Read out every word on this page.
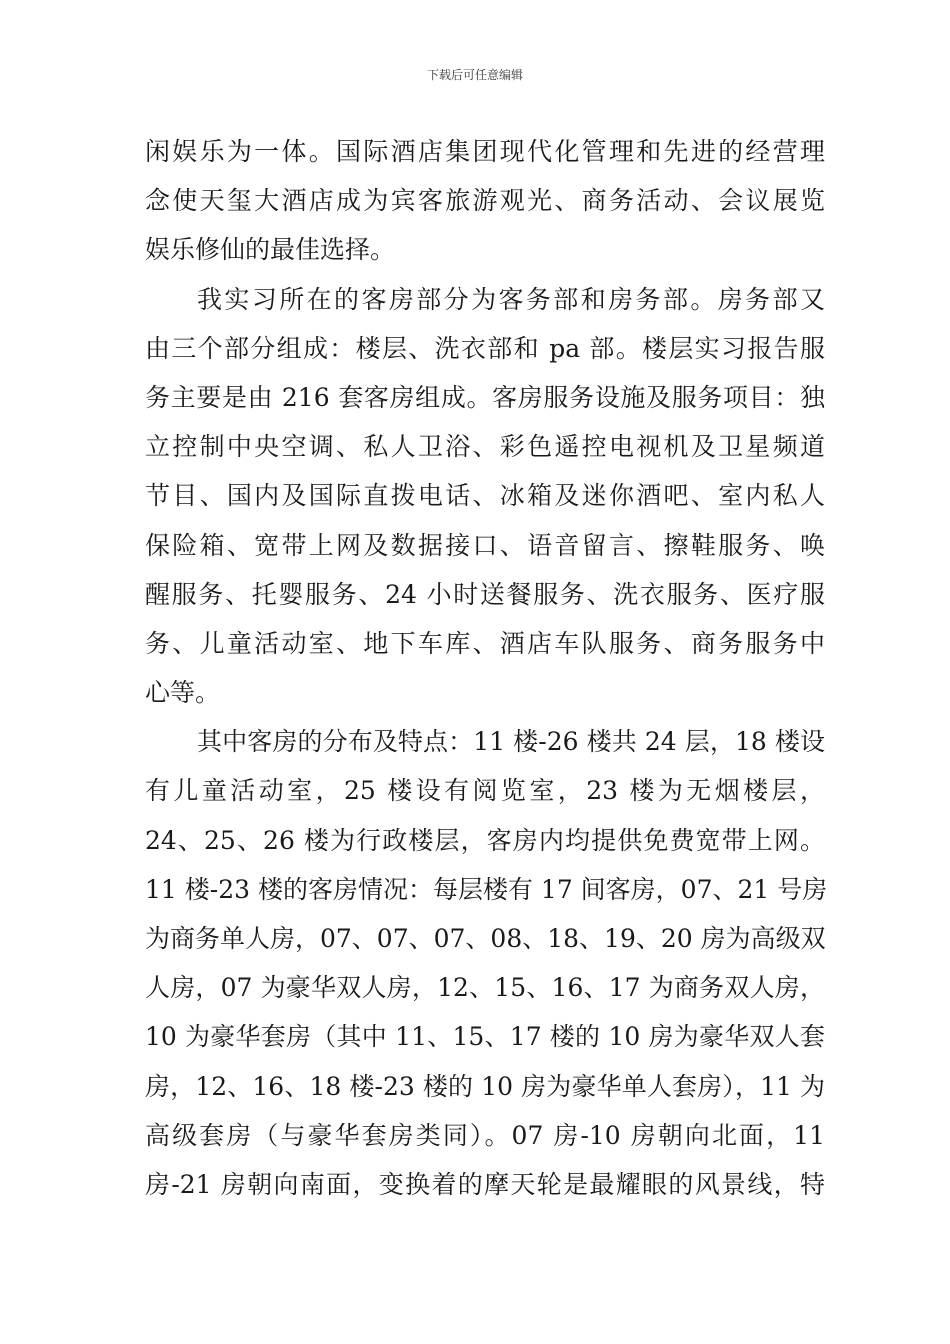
下载后可任意编辑
闲娱乐为一体。国际酒店集团现代化管理和先进的经营理
念使天玺大酒店成为宾客旅游观光、商务活动、会议展览
娱乐修仙的最佳选择。
我实习所在的客房部分为客务部和房务部。房务部又
由三个部分组成：楼层、洗衣部和 pa 部。楼层实习报告服
务主要是由 216 套客房组成。客房服务设施及服务项目：独
立控制中央空调、私人卫浴、彩色遥控电视机及卫星频道
节目、国内及国际直拨电话、冰箱及迷你酒吧、室内私人
保险箱、宽带上网及数据接口、语音留言、擦鞋服务、唤
醒服务、托婴服务、24 小时送餐服务、洗衣服务、医疗服
务、儿童活动室、地下车库、酒店车队服务、商务服务中
心等。
其中客房的分布及特点：11 楼-26 楼共 24 层，18 楼设
有儿童活动室，25 楼设有阅览室，23 楼为无烟楼层，
24、25、26 楼为行政楼层，客房内均提供免费宽带上网。
11 楼-23 楼的客房情况：每层楼有 17 间客房，07、21 号房
为商务单人房，07、07、07、08、18、19、20 房为高级双
人房，07 为豪华双人房，12、15、16、17 为商务双人房，
10 为豪华套房（其中 11、15、17 楼的 10 房为豪华双人套
房，12、16、18 楼-23 楼的 10 房为豪华单人套房），11 为
高级套房（与豪华套房类同）。07 房-10 房朝向北面，11
房-21 房朝向南面，变换着的摩天轮是最耀眼的风景线，特
